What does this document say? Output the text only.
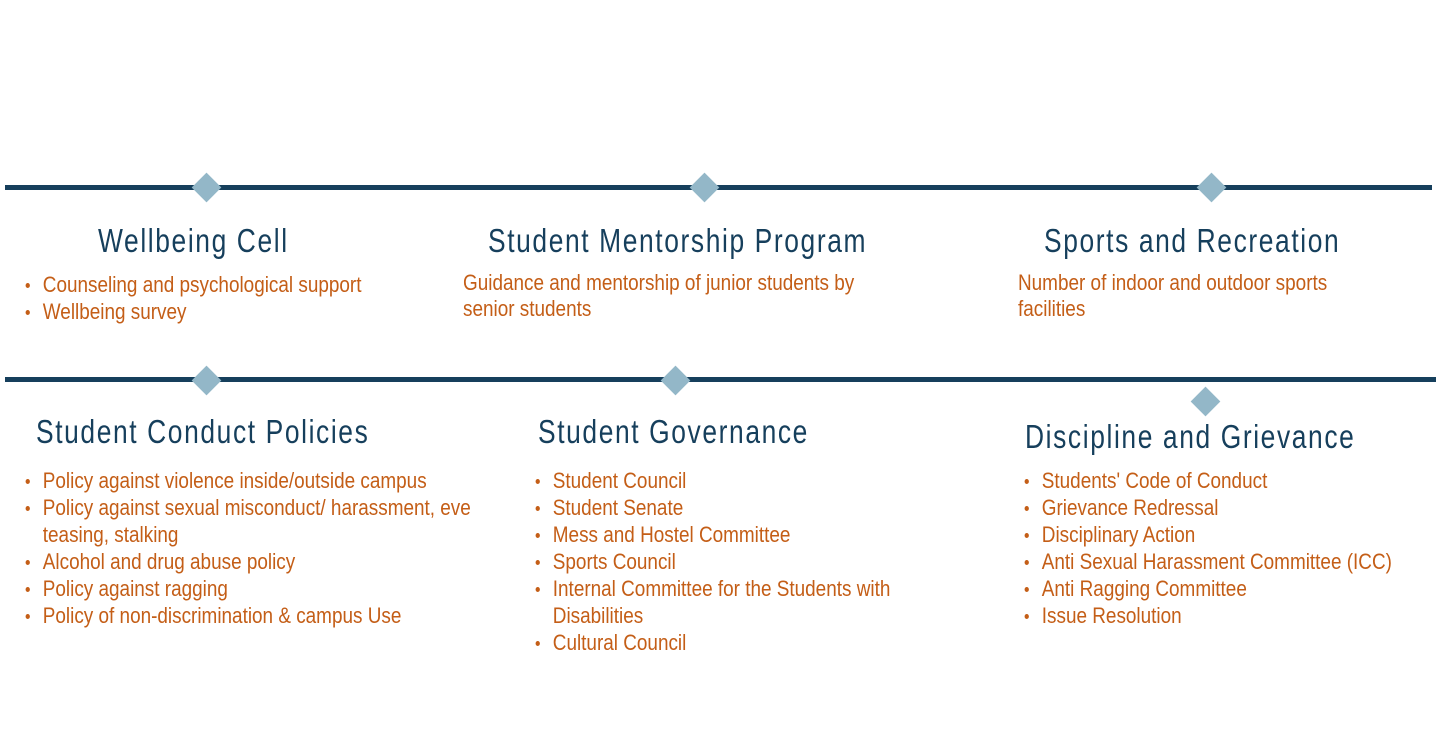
Wellbeing Cell
Counseling and psychological support
Wellbeing survey
Student Mentorship Program

Guidance and mentorship of junior students by senior students

Sports and Recreation

Number of indoor and outdoor sports facilities

Student Conduct Policies
Policy against violence inside/outside campus
Policy against sexual misconduct/ harassment, eve teasing, stalking
Alcohol and drug abuse policy
Policy against ragging
Policy of non-discrimination & campus Use
Student Governance
Student Council
Student Senate
Mess and Hostel Committee
Sports Council
Internal Committee for the Students with Disabilities
Cultural Council
Discipline and Grievance
Students' Code of Conduct
Grievance Redressal
Disciplinary Action
Anti Sexual Harassment Committee (ICC)
Anti Ragging Committee
Issue Resolution
